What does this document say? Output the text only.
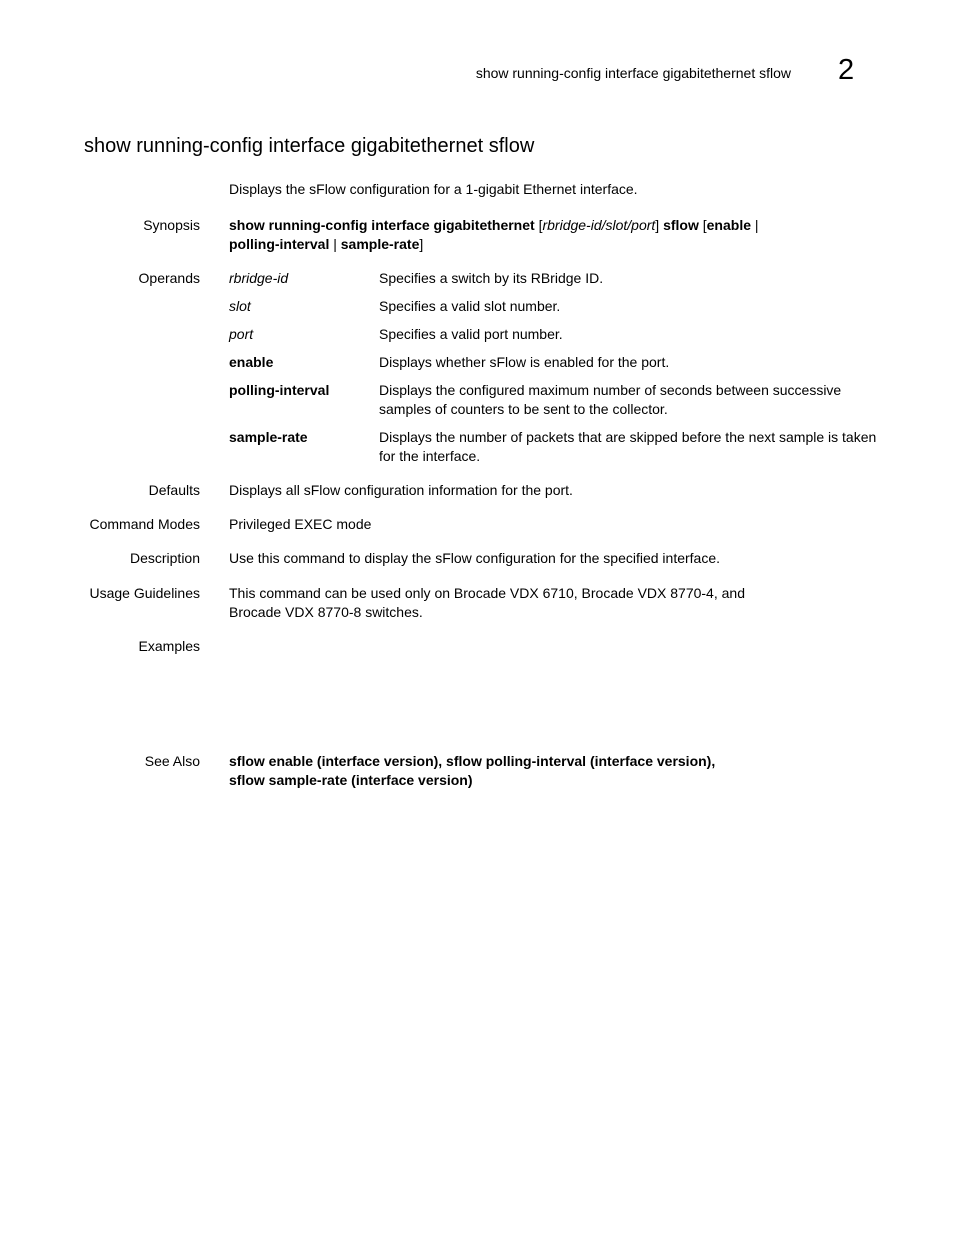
show running-config interface gigabitethernet sflow 2
show running-config interface gigabitethernet sflow
Displays the sFlow configuration for a 1-gigabit Ethernet interface.
Synopsis show running-config interface gigabitethernet [rbridge-id/slot/port] sflow [enable |
polling-interval | sample-rate]
Operands rbridge-id	Specifies a switch by its RBridge ID.
slot	Specifies a valid slot number.
port	Specifies a valid port number.
enable	Displays whether sFlow is enabled for the port.
polling-interval	Displays the configured maximum number of seconds between successive samples of counters to be sent to the collector.
sample-rate	Displays the number of packets that are skipped before the next sample is taken for the interface.
Defaults Displays all sFlow configuration information for the port.
Command Modes Privileged EXEC mode
Description Use this command to display the sFlow configuration for the specified interface.
Usage Guidelines This command can be used only on Brocade VDX 6710, Brocade VDX 8770-4, and
Brocade VDX 8770-8 switches.
Examples
See Also sflow enable (interface version), sflow polling-interval (interface version),
sflow sample-rate (interface version)
